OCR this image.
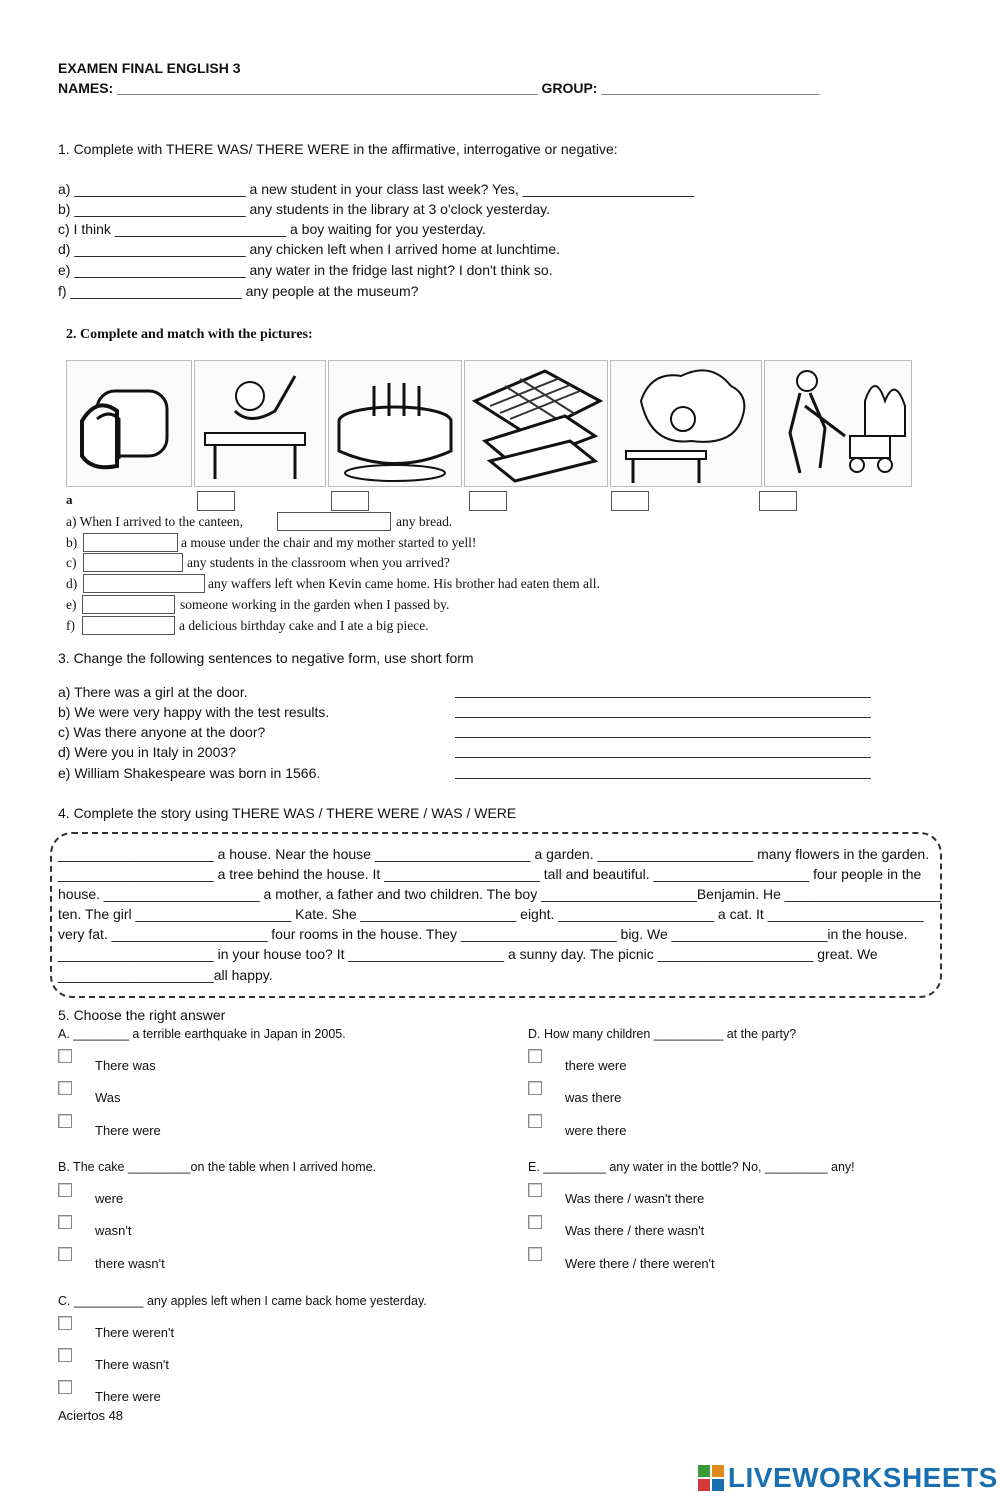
EXAMEN FINAL ENGLISH 3
NAMES: ______________________________________________________ GROUP: ____________________________
1. Complete with THERE WAS/ THERE WERE in the affirmative, interrogative or negative:
a) ______________________ a new student in your class last week? Yes, ______________________
b) ______________________ any students in the library at 3 o'clock yesterday.
c) I think ______________________ a boy waiting for you yesterday.
d) ______________________ any chicken left when I arrived home at lunchtime.
e) ______________________ any water in the fridge last night? I don't think so.
f) ______________________ any people at the museum?
2. Complete and match with the pictures:
a
a) When I arrived to the canteen,	any bread.
b)	a mouse under the chair and my mother started to yell!
c)	any students in the classroom when you arrived?
d)	any waffers left when Kevin came home. His brother had eaten them all.
e)	someone working in the garden when I passed by.
f)	a delicious birthday cake and I ate a big piece.
3. Change the following sentences to negative form, use short form
a) There was a girl at the door.
b) We were very happy with the test results.
c) Was there anyone at the door?
d) Were you in Italy in 2003?
e) William Shakespeare was born in 1566.
4. Complete the story using THERE WAS / THERE WERE / WAS / WERE
____________________ a house. Near the house ____________________ a garden. ____________________ many flowers in the garden.
____________________ a tree behind the house. It ____________________ tall and beautiful. ____________________ four people in the
house. ____________________ a mother, a father and two children. The boy ____________________Benjamin. He ____________________
ten. The girl ____________________ Kate. She ____________________ eight. ____________________ a cat. It ____________________
very fat. ____________________ four rooms in the house. They ____________________ big. We ____________________in the house.
____________________ in your house too? It ____________________ a sunny day. The picnic ____________________ great. We
____________________all happy.
5. Choose the right answer
A. ________ a terrible earthquake in Japan in 2005.
There was
Was
There were
B. The cake _________on the table when I arrived home.
were
wasn't
there wasn't
C. __________ any apples left when I came back home yesterday.
There weren't
There wasn't
There were
D. How many children __________ at the party?
there were
was there
were there
E. _________ any water in the bottle? No, _________ any!
Was there / wasn't there
Was there / there wasn't
Were there / there weren't
Aciertos 48
LIVEWORKSHEETS
